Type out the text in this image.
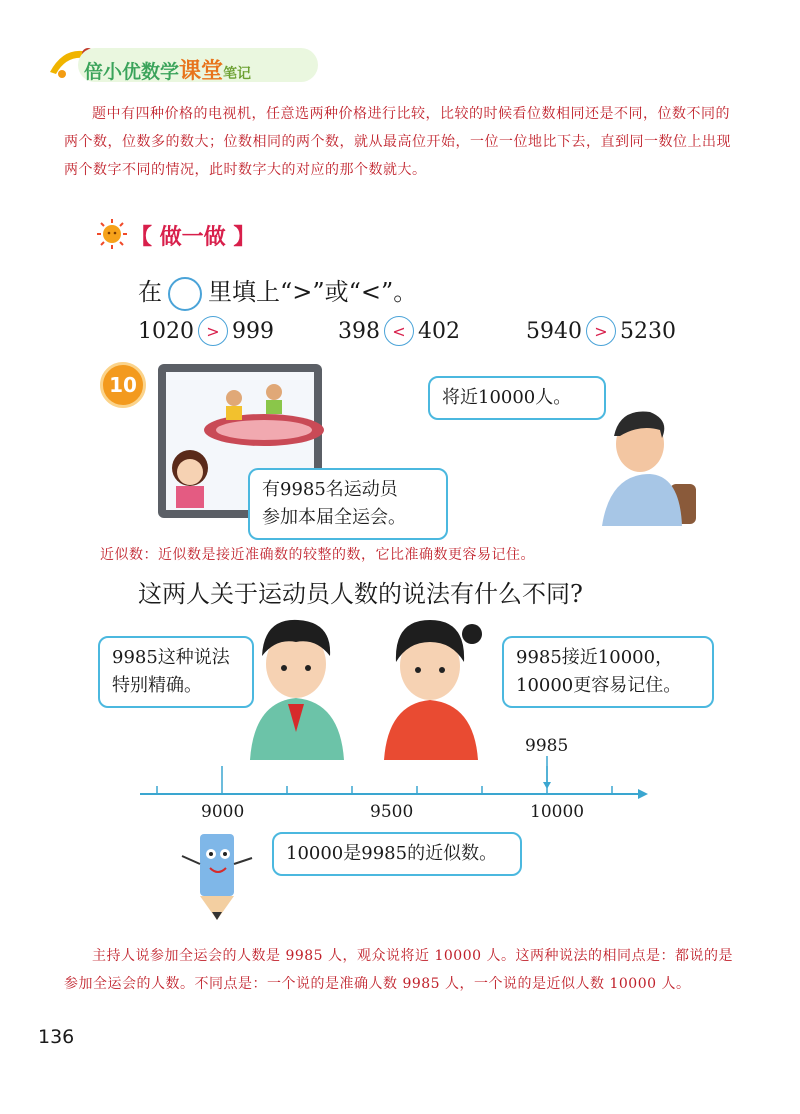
倍小优数学课堂笔记
题中有四种价格的电视机，任意选两种价格进行比较，比较的时候看位数相同还是不同，位数不同的两个数，位数多的数大；位数相同的两个数，就从最高位开始，一位一位地比下去，直到同一数位上出现两个数字不同的情况，此时数字大的对应的那个数就大。
【 做一做 】
在 里填上“>”或“<”。
1020 > 999	398 < 402	5940 > 5230
10
有9985名运动员
参加本届全运会。
将近10000人。
近似数：近似数是接近准确数的较整的数，它比准确数更容易记住。
这两人关于运动员人数的说法有什么不同?
9985这种说法
特别精确。
9985接近10000，
10000更容易记住。
9985
9000	9500	10000
10000是9985的近似数。
主持人说参加全运会的人数是 9985 人，观众说将近 10000 人。这两种说法的相同点是：都说的是参加全运会的人数。不同点是：一个说的是准确人数 9985 人，一个说的是近似人数 10000 人。
136
